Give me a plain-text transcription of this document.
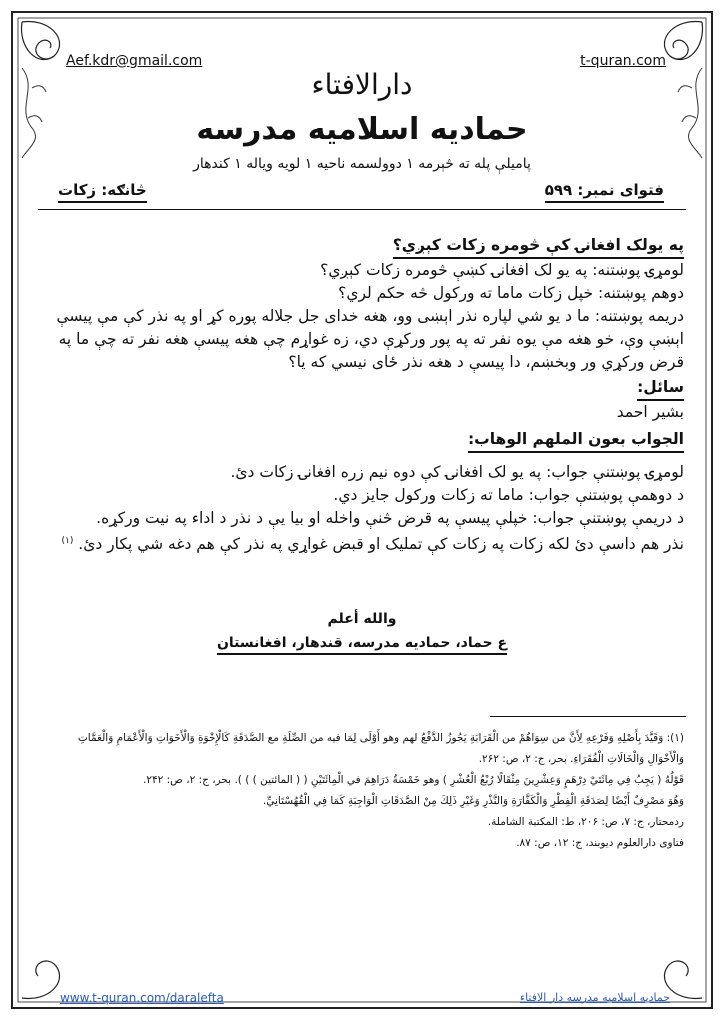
Aef.kdr@gmail.com	t-quran.com
دارالافتاء
حمادیه اسلامیه مدرسه
پامیلې پله ته څېرمه ۱ دوولسمه ناحیه ۱ لویه ویاله ۱ کندهار
فتوای نمبر: ۵۹۹
څانګه: زکات

په یولک افغانۍ کې څومره زکات کېږي؟

لومړۍ پوښتنه: په یو لک افغانۍ کښې څومره زکات کېږي؟

دوهم پوښتنه: خپل زکات ماما ته ورکول څه حکم لري؟

دریمه پوښتنه: ما د یو شي لپاره نذر اېښی وو، هغه خدای جل جلاله پوره کړ او په نذر کې مې پیسې اېښې وې، خو هغه مې یوه نفر ته په پور ورکړې دي، زه غواړم چې هغه پیسې هغه نفر ته چې ما په قرض ورکړي ور وبخښم، دا پیسې د هغه نذر ځای نیسي که یا؟

سائل:

بشیر احمد

الجواب بعون الملهم الوهاب:

لومړۍ پوښتنې جواب: په یو لک افغانۍ کې دوه نیم زره افغانۍ زکات دئ.

د دوهمې پوښتنې جواب: ماما ته زکات ورکول جایز دي.

د دریمې پوښتنې جواب: خپلې پیسې په قرض څنې واخله او بیا یې د نذر د اداء په نیت ورکړه.

نذر هم داسې دئ لکه زکات په زکات کې تملیک او قبض غواړي په نذر کې هم دغه شي پکار دئ. $^{(۱)}$

والله أعلم
ع حماد، حمادیه مدرسه، قندهار، افغانستان

(۱): وَقَيَّدَ بِأَصْلِهِ وَفَرْعِهِ لِأَنَّ من سِوَاهُمْ من الْقَرَابَةِ يَجُوزُ الدَّفْعُ لهم وهو أَوْلَى لِمَا فيه من الصِّلَةِ مع الصَّدَقَةِ كَالْإِخْوَةِ وَالْأَخَوَاتِ وَالْأَعْمَامِ وَالْعَمَّاتِ وَالْأَخْوَالِ وَالْخَالَاتِ الْفُقَرَاءِ. بحر، ج: ۲، ص: ۲۶۲.

قَوْلُهُ ( يَجِبُ فِي مِائَتَيْ دِرْهَمٍ وَعِشْرِينَ مِثْقَالًا رُبْعُ الْعُشْرِ ) وهو خَمْسَةُ دَرَاهِمَ في الْمِائَتَيْنِ ( ( المائتين ) ) ). بحر، ج: ۲، ص: ۲۴۲.

وَهُوَ مَصْرِفٌ أَيْضًا لِصَدَقَةِ الْفِطْرِ وَالْكَفَّارَةِ وَالنَّذْرِ وَغَيْرِ ذَلِكَ مِنْ الصَّدَقَاتِ الْوَاجِبَةِ كَمَا فِي الْقُهُسْتَانِيِّ.

ردمحتار، ج: ۷، ص: ۲۰۶، ط: المکتبة الشاملة.

فتاوی دارالعلوم دیوبند، ج: ۱۲، ص: ۸۷.

www.t-quran.com/daralefta	حمادیه اسلامیه مدرسه دار الافتاء
